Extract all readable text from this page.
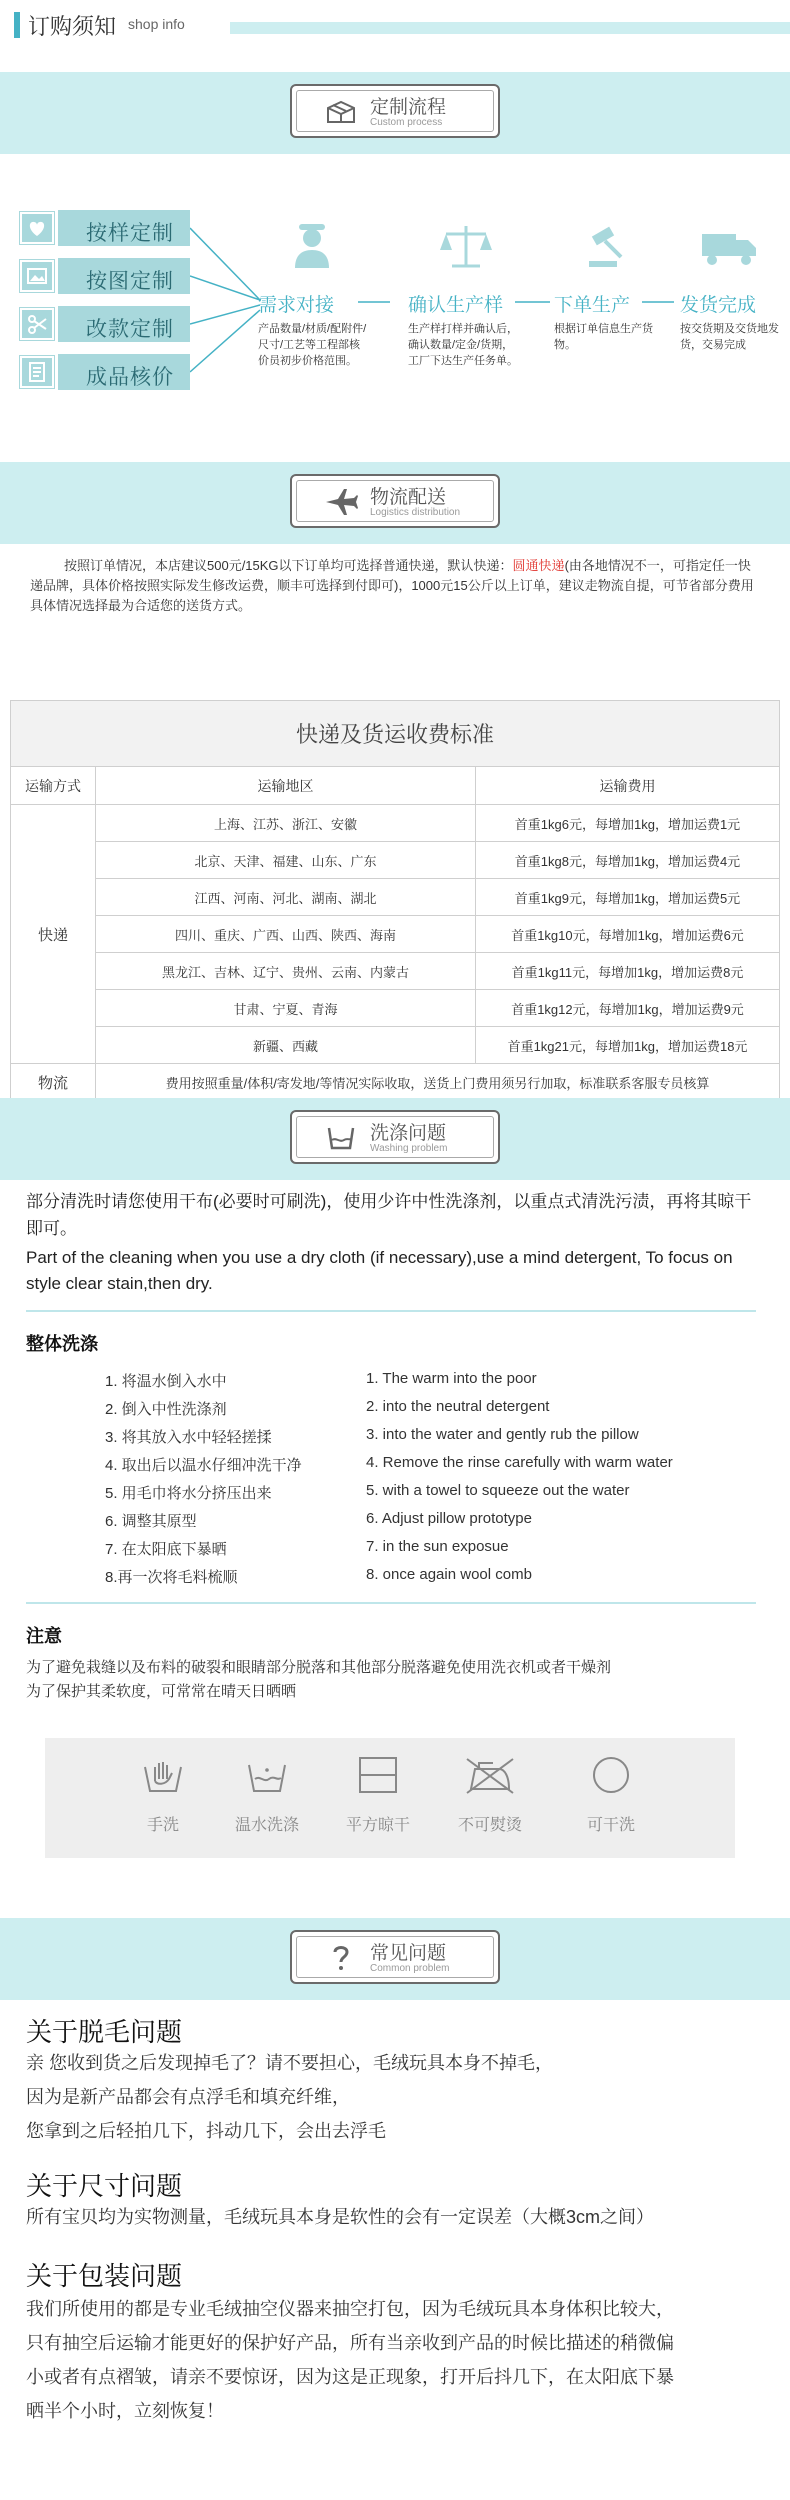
订购须知 shop info
定制流程
Custom process
按样定制
按图定制
改款定制
成品核价
需求对接
产品数量/材质/配附件/尺寸/工艺等工程部核价员初步价格范围。
确认生产样
生产样打样并确认后，确认数量/定金/货期，工厂下达生产任务单。
下单生产
根据订单信息生产货物。
发货完成
按交货期及交货地发货，交易完成
物流配送
Logistics distribution
按照订单情况，本店建议500元/15KG以下订单均可选择普通快递，默认快递：圆通快递(由各地情况不一，可指定任一快递品牌，具体价格按照实际发生修改运费，顺丰可选择到付即可)，1000元15公斤以上订单，建议走物流自提，可节省部分费用具体情况选择最为合适您的送货方式。
快递及货运收费标准		
运输方式	运输地区	运输费用
快递	上海、江苏、浙江、安徽	首重1kg6元，每增加1kg，增加运费1元
	北京、天津、福建、山东、广东	首重1kg8元，每增加1kg，增加运费4元
	江西、河南、河北、湖南、湖北	首重1kg9元，每增加1kg，增加运费5元
	四川、重庆、广西、山西、陕西、海南	首重1kg10元，每增加1kg，增加运费6元
	黑龙江、吉林、辽宁、贵州、云南、内蒙古	首重1kg11元，每增加1kg，增加运费8元
	甘肃、宁夏、青海	首重1kg12元，每增加1kg，增加运费9元
	新疆、西藏	首重1kg21元，每增加1kg，增加运费18元
物流	费用按照重量/体积/寄发地/等情况实际收取，送货上门费用须另行加取，标准联系客服专员核算	
洗涤问题
Washing problem
部分清洗时请您使用干布(必要时可刷洗)，使用少许中性洗涤剂，以重点式清洗污渍，再将其晾干即可。
Part of the cleaning when you use a dry cloth (if necessary),use a mind detergent, To focus on style clear stain,then dry.
整体洗涤
1. 将温水倒入水中
2. 倒入中性洗涤剂
3. 将其放入水中轻轻搓揉
4. 取出后以温水仔细冲洗干净
5. 用毛巾将水分挤压出来
6. 调整其原型
7. 在太阳底下暴晒
8.再一次将毛料梳顺
1. The warm into the poor
2. into the neutral detergent
3. into the water and gently rub the pillow
4. Remove the rinse carefully with warm water
5. with a towel to squeeze out the water
6. Adjust pillow prototype
7. in the sun exposue
8. once again wool comb
注意
为了避免栽缝以及布料的破裂和眼睛部分脱落和其他部分脱落避免使用洗衣机或者干燥剂
为了保护其柔软度，可常常在晴天日晒晒
手洗	温水洗涤	平方晾干	不可熨烫	可干洗
常见问题
Common problem
关于脱毛问题
亲 您收到货之后发现掉毛了？请不要担心，毛绒玩具本身不掉毛，
因为是新产品都会有点浮毛和填充纤维，
您拿到之后轻拍几下，抖动几下，会出去浮毛
关于尺寸问题
所有宝贝均为实物测量，毛绒玩具本身是软性的会有一定误差（大概3cm之间）
关于包装问题
我们所使用的都是专业毛绒抽空仪器来抽空打包，因为毛绒玩具本身体积比较大，
只有抽空后运输才能更好的保护好产品，所有当亲收到产品的时候比描述的稍微偏
小或者有点褶皱，请亲不要惊讶，因为这是正现象，打开后抖几下，在太阳底下暴
晒半个小时，立刻恢复！
